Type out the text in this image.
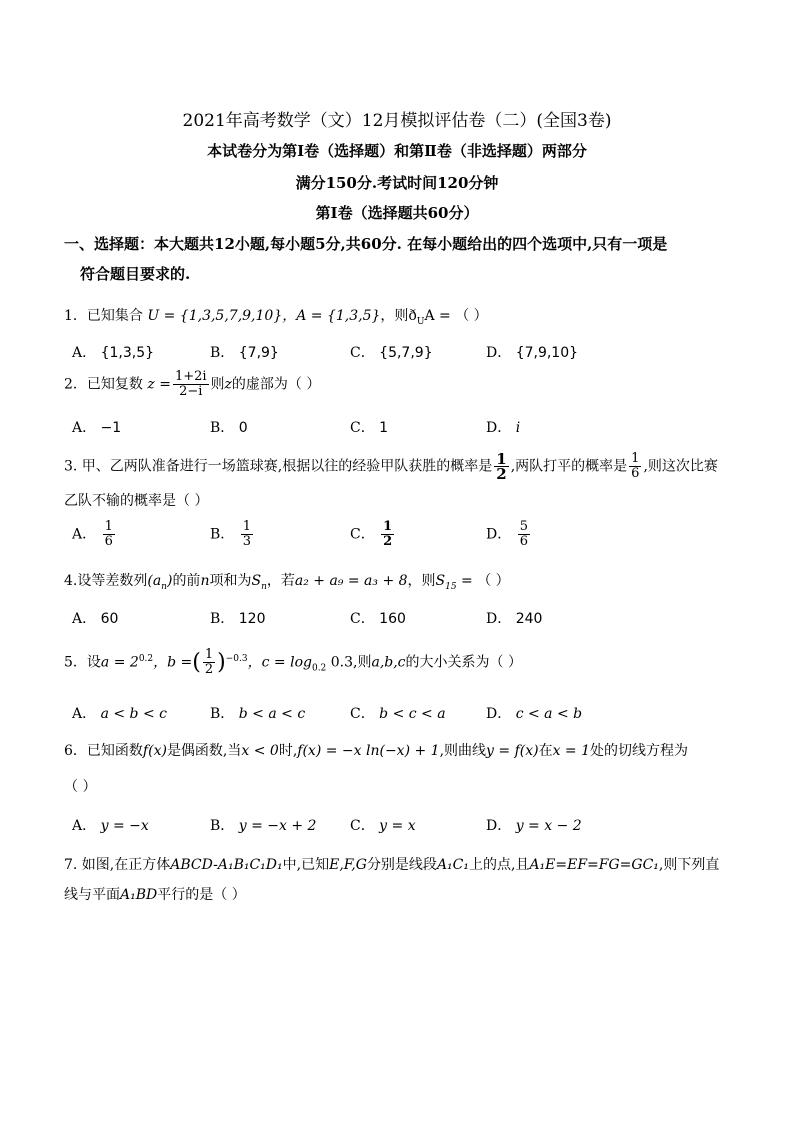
2021年高考数学（文）12月模拟评估卷（二）(全国3卷)
本试卷分为第Ⅰ卷（选择题）和第Ⅱ卷（非选择题）两部分
满分150分.考试时间120分钟
第Ⅰ卷（选择题共60分）
一、选择题：本大题共12小题,每小题5分,共60分. 在每小题给出的四个选项中,只有一项是
符合题目要求的.
1．已知集合 U = {1,3,5,7,9,10}，A = {1,3,5}，则$ð_UA$ = （ ）
A． {1,3,5}	B． {7,9}	C． {5,7,9}	D． {7,9,10}
2．已知复数 $z = \frac{1+2i}{2-i}$ 则z的虚部为（ ）
A． −1	B． 0	C． 1	D． i
3. 甲、乙两队准备进行一场篮球赛,根据以往的经验甲队获胜的概率是 $\frac{1}{2}$ ,两队打平的概率是 $\frac{1}{6}$ ,则这次比赛
乙队不输的概率是（ ）
A． $\frac{1}{6}$	B． $\frac{1}{3}$	C． $\frac{1}{2}$	D． $\frac{5}{6}$
4.设等差数列$(a_n)$的前n项和为$S_n$，若a₂ + a₉ = a₃ + 8，则$S_{15}$ = （ ）
A． 60	B． 120	C． 160	D． 240
5．设$a = 2^{0.2}$，b =( $\frac{1}{2} )^{-0.3}$，$c = \log_{0.2} 0.3$,则a,b,c的大小关系为（ ）
A． a < b < c	B． b < a < c	C． b < c < a	D． c < a < b
6．已知函数f(x)是偶函数,当x < 0时,f(x) = −x ln(−x) + 1,则曲线y = f(x)在x = 1处的切线方程为
（ ）
A． y = −x	B． y = −x + 2 C． y = x	D． y = x − 2
7. 如图,在正方体ABCD-A₁B₁C₁D₁中,已知E,F,G分别是线段A₁C₁上的点,且A₁E=EF=FG=GC₁,则下列直
线与平面A₁BD平行的是（ ）
